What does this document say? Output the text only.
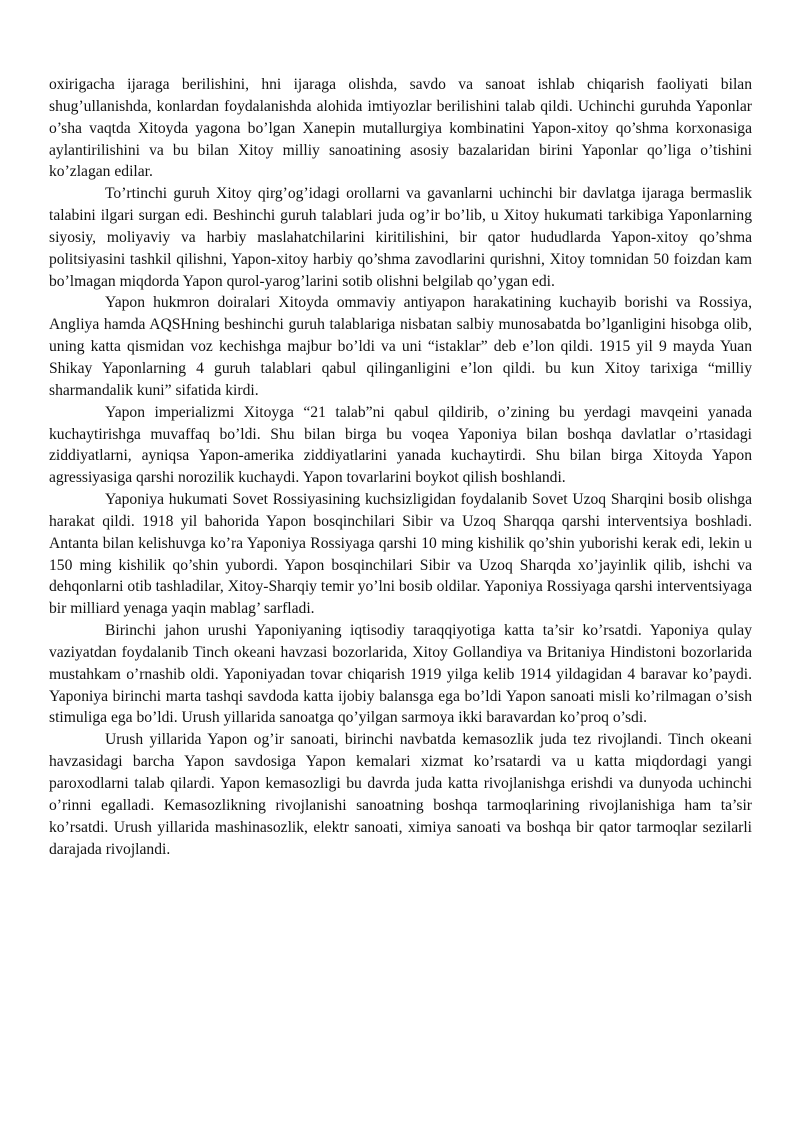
oxirigacha ijaraga berilishini, hni ijaraga olishda, savdo va sanoat ishlab chiqarish faoliyati bilan shug’ullanishda, konlardan foydalanishda alohida imtiyozlar berilishini talab qildi. Uchinchi guruhda Yaponlar o’sha vaqtda Xitoyda yagona bo’lgan Xanepin mutallurgiya kombinatini Yapon-xitoy qo’shma korxonasiga aylantirilishini va bu bilan Xitoy milliy sanoatining asosiy bazalaridan birini Yaponlar qo’liga o’tishini ko’zlagan edilar.

To’rtinchi guruh Xitoy qirg’og’idagi orollarni va gavanlarni uchinchi bir davlatga ijaraga bermaslik talabini ilgari surgan edi. Beshinchi guruh talablari juda og’ir bo’lib, u Xitoy hukumati tarkibiga Yaponlarning siyosiy, moliyaviy va harbiy maslahatchilarini kiritilishini, bir qator hududlarda Yapon-xitoy qo’shma politsiyasini tashkil qilishni, Yapon-xitoy harbiy qo’shma zavodlarini qurishni, Xitoy tomnidan 50 foizdan kam bo’lmagan miqdorda Yapon qurol-yarog’larini sotib olishni belgilab qo’ygan edi.

Yapon hukmron doiralari Xitoyda ommaviy antiyapon harakatining kuchayib borishi va Rossiya, Angliya hamda AQSHning beshinchi guruh talablariga nisbatan salbiy munosabatda bo’lganligini hisobga olib, uning katta qismidan voz kechishga majbur bo’ldi va uni “istaklar” deb e’lon qildi. 1915 yil 9 mayda Yuan Shikay Yaponlarning 4 guruh talablari qabul qilinganligini e’lon qildi. bu kun Xitoy tarixiga “milliy sharmandalik kuni” sifatida kirdi.

Yapon imperializmi Xitoyga “21 talab”ni qabul qildirib, o’zining bu yerdagi mavqeini yanada kuchaytirishga muvaffaq bo’ldi. Shu bilan birga bu voqea Yaponiya bilan boshqa davlatlar o’rtasidagi ziddiyatlarni, ayniqsa Yapon-amerika ziddiyatlarini yanada kuchaytirdi. Shu bilan birga Xitoyda Yapon agressiyasiga qarshi norozilik kuchaydi. Yapon tovarlarini boykot qilish boshlandi.

Yaponiya hukumati Sovet Rossiyasining kuchsizligidan foydalanib Sovet Uzoq Sharqini bosib olishga harakat qildi. 1918 yil bahorida Yapon bosqinchilari Sibir va Uzoq Sharqqa qarshi interventsiya boshladi. Antanta bilan kelishuvga ko’ra Yaponiya Rossiyaga qarshi 10 ming kishilik qo’shin yuborishi kerak edi, lekin u 150 ming kishilik qo’shin yubordi. Yapon bosqinchilari Sibir va Uzoq Sharqda xo’jayinlik qilib, ishchi va dehqonlarni otib tashladilar, Xitoy-Sharqiy temir yo’lni bosib oldilar. Yaponiya Rossiyaga qarshi interventsiyaga bir milliard yenaga yaqin mablag’ sarfladi.

Birinchi jahon urushi Yaponiyaning iqtisodiy taraqqiyotiga katta ta’sir ko’rsatdi. Yaponiya qulay vaziyatdan foydalanib Tinch okeani havzasi bozorlarida, Xitoy Gollandiya va Britaniya Hindistoni bozorlarida mustahkam o’rnashib oldi. Yaponiyadan tovar chiqarish 1919 yilga kelib 1914 yildagidan 4 baravar ko’paydi. Yaponiya birinchi marta tashqi savdoda katta ijobiy balansga ega bo’ldi Yapon sanoati misli ko’rilmagan o’sish stimuliga ega bo’ldi. Urush yillarida sanoatga qo’yilgan sarmoya ikki baravardan ko’proq o’sdi.

Urush yillarida Yapon og’ir sanoati, birinchi navbatda kemasozlik juda tez rivojlandi. Tinch okeani havzasidagi barcha Yapon savdosiga Yapon kemalari xizmat ko’rsatardi va u katta miqdordagi yangi paroxodlarni talab qilardi. Yapon kemasozligi bu davrda juda katta rivojlanishga erishdi va dunyoda uchinchi o’rinni egalladi. Kemasozlikning rivojlanishi sanoatning boshqa tarmoqlarining rivojlanishiga ham ta’sir ko’rsatdi. Urush yillarida mashinasozlik, elektr sanoati, ximiya sanoati va boshqa bir qator tarmoqlar sezilarli darajada rivojlandi.
